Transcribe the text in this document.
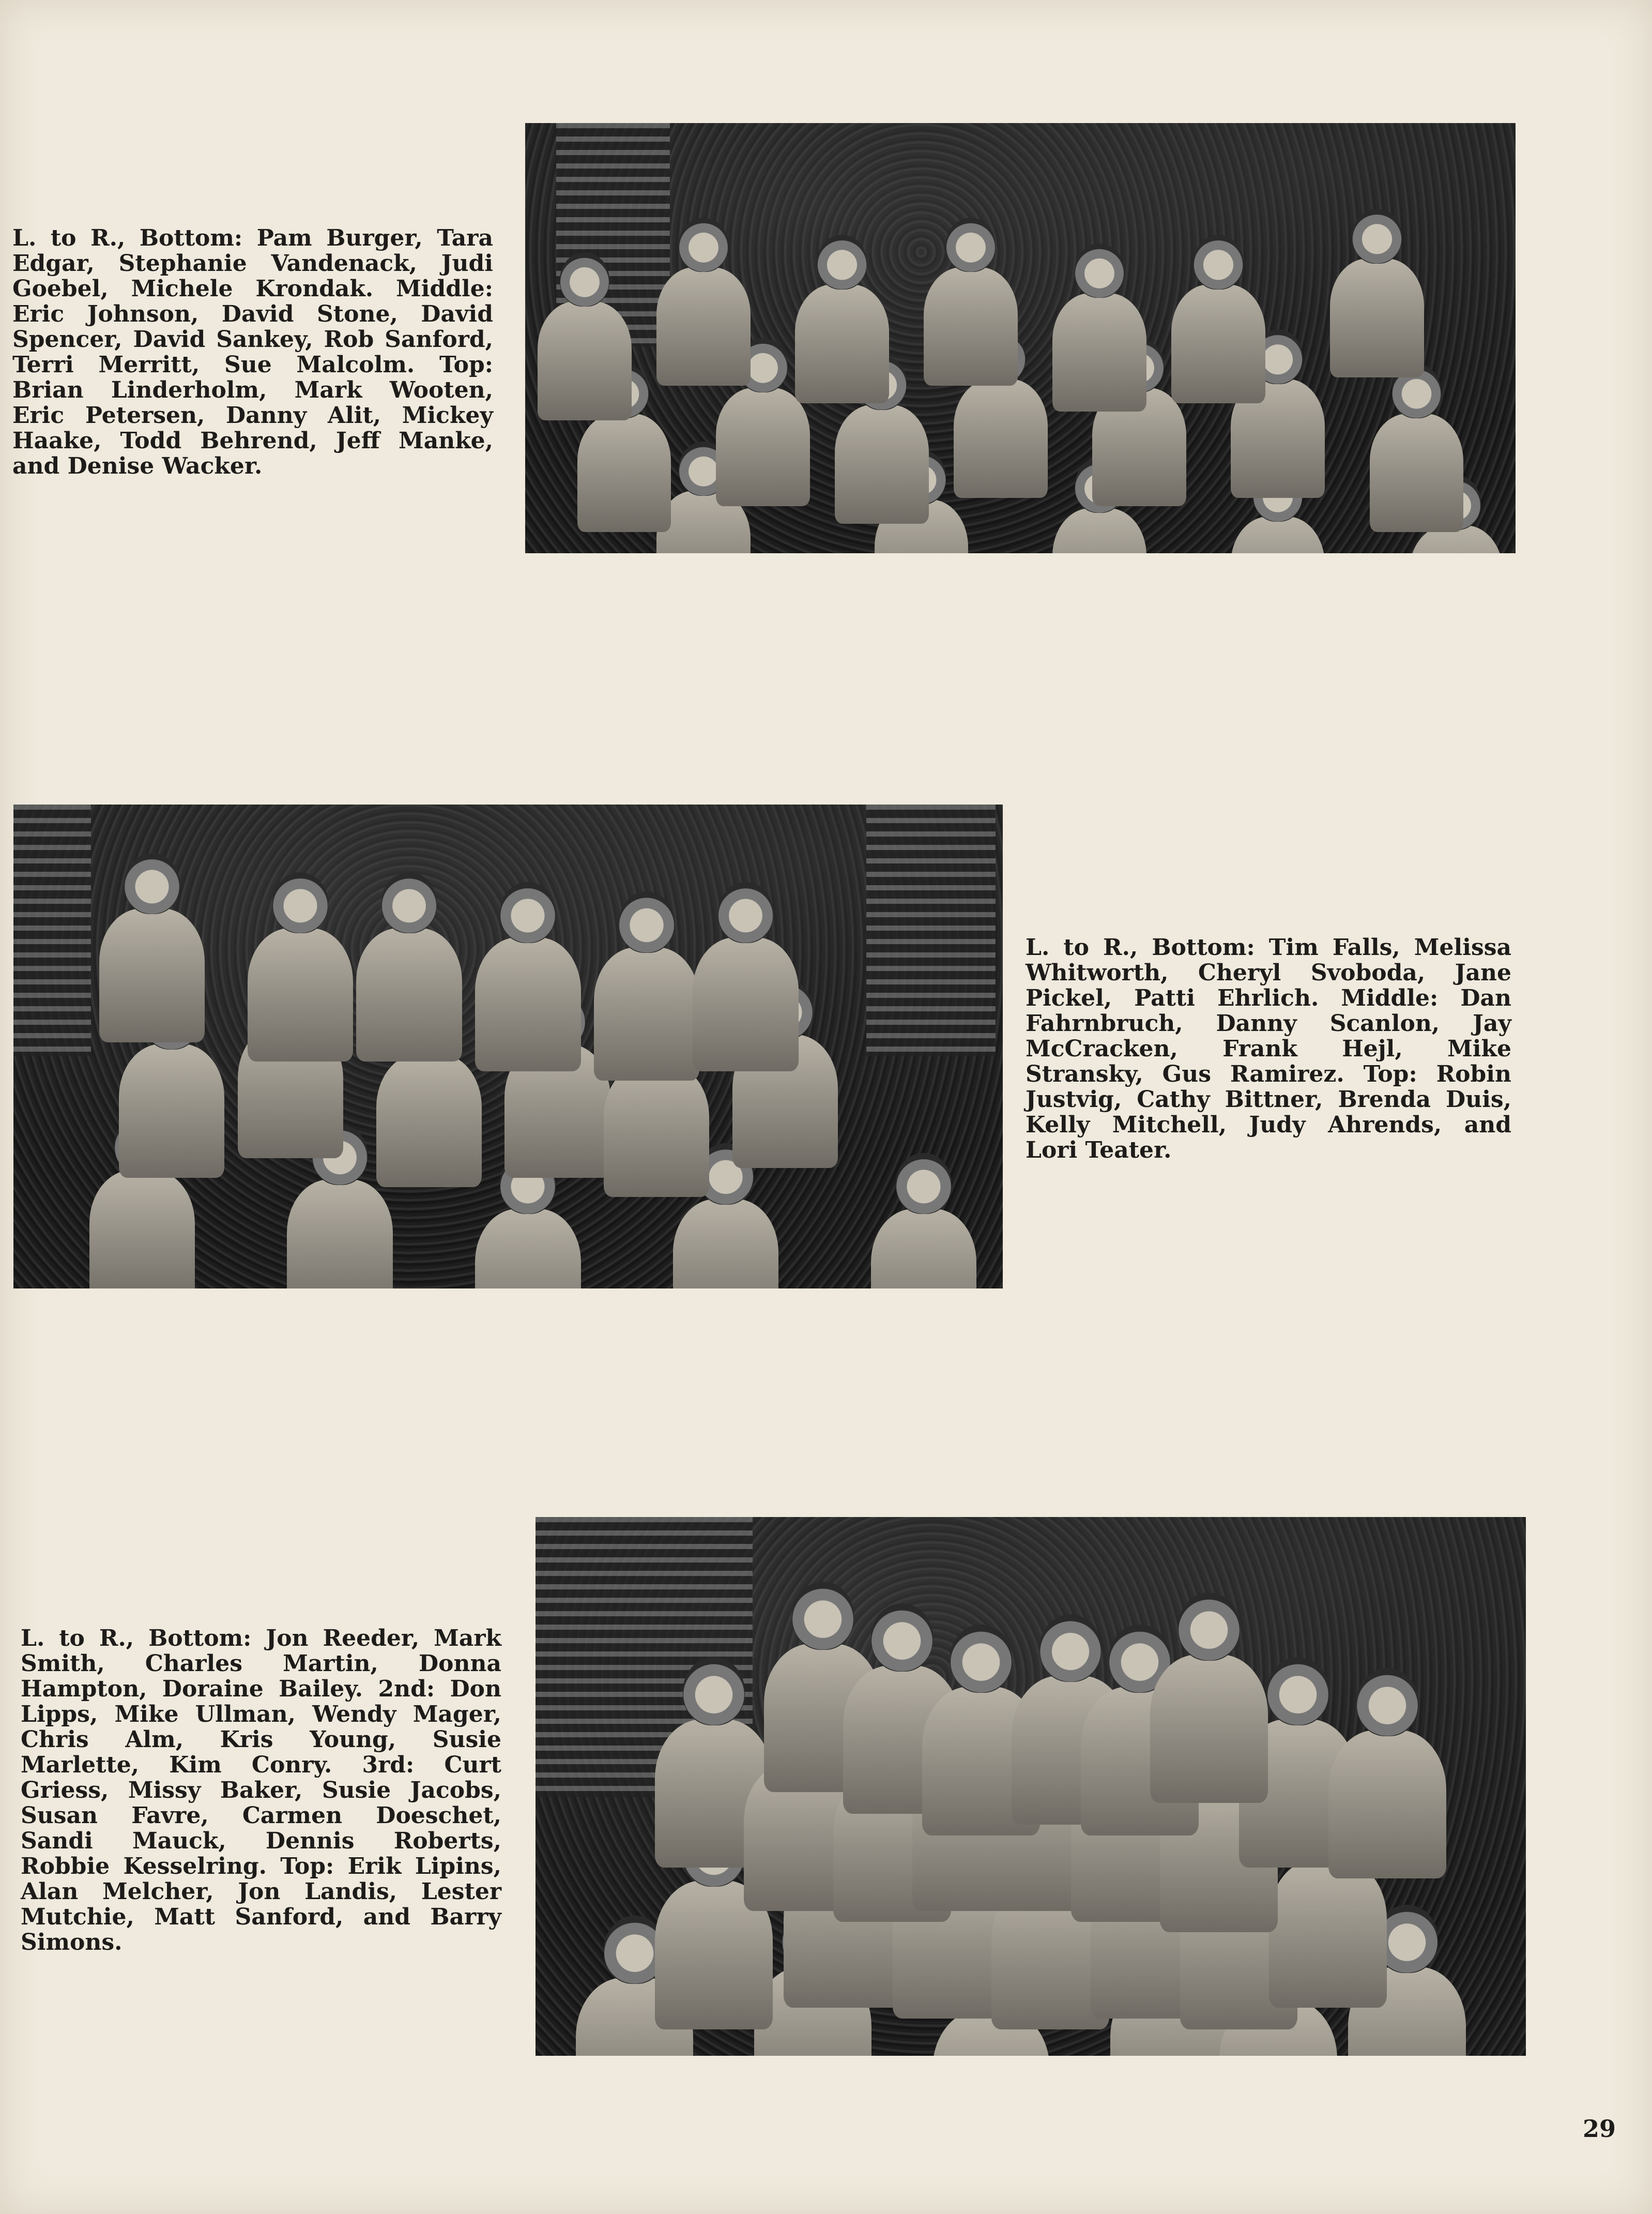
L. to R., Bottom: Pam Burger, Tara Edgar, Stephanie Vandenack, Judi Goebel, Michele Krondak. Middle: Eric Johnson, David Stone, David Spencer, David Sankey, Rob Sanford, Terri Merritt, Sue Malcolm. Top: Brian Linderholm, Mark Wooten, Eric Petersen, Danny Alit, Mickey Haake, Todd Behrend, Jeff Manke, and Denise Wacker.

L. to R., Bottom: Tim Falls, Melissa Whitworth, Cheryl Svoboda, Jane Pickel, Patti Ehrlich. Middle: Dan Fahrnbruch, Danny Scanlon, Jay McCracken, Frank Hejl, Mike Stransky, Gus Ramirez. Top: Robin Justvig, Cathy Bittner, Brenda Duis, Kelly Mitchell, Judy Ahrends, and Lori Teater.

L. to R., Bottom: Jon Reeder, Mark Smith, Charles Martin, Donna Hampton, Doraine Bailey. 2nd: Don Lipps, Mike Ullman, Wendy Mager, Chris Alm, Kris Young, Susie Marlette, Kim Conry. 3rd: Curt Griess, Missy Baker, Susie Jacobs, Susan Favre, Carmen Doeschet, Sandi Mauck, Dennis Roberts, Robbie Kesselring. Top: Erik Lipins, Alan Melcher, Jon Landis, Lester Mutchie, Matt Sanford, and Barry Simons.

29
